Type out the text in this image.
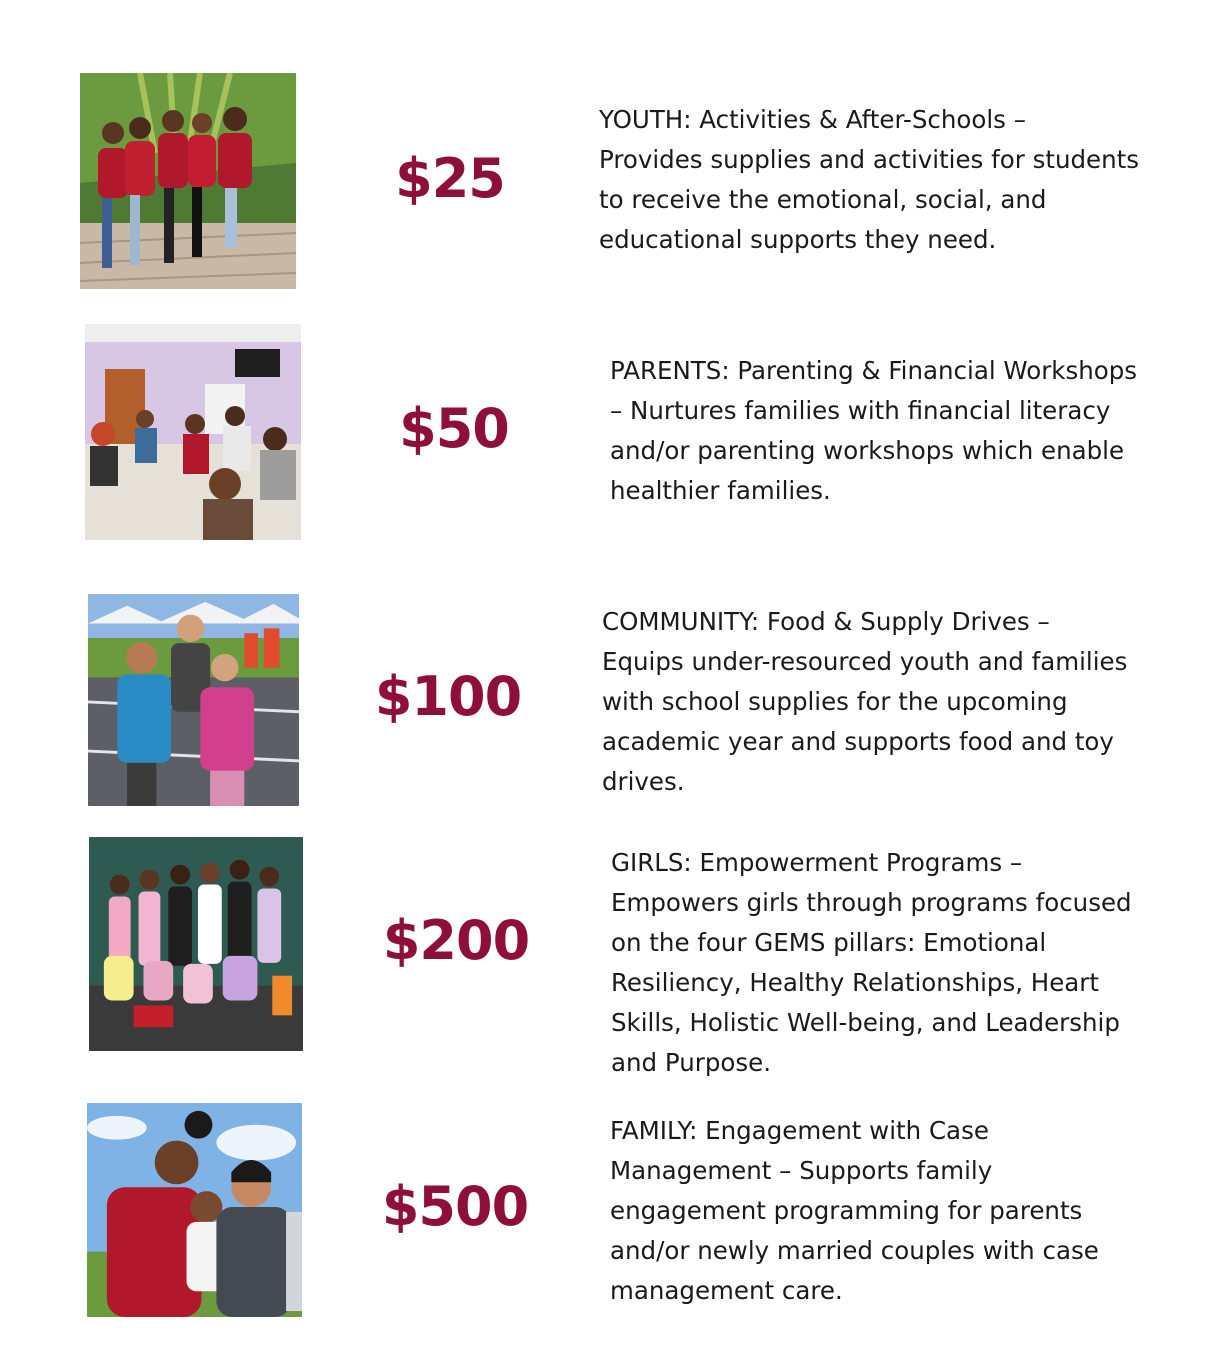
$25

YOUTH: Activities & After-Schools –
Provides supplies and activities for students
to receive the emotional, social, and
educational supports they need.

$50

PARENTS: Parenting & Financial Workshops
– Nurtures families with financial literacy
and/or parenting workshops which enable
healthier families.

$100

COMMUNITY: Food & Supply Drives –
Equips under-resourced youth and families
with school supplies for the upcoming
academic year and supports food and toy
drives.

$200

GIRLS: Empowerment Programs –
Empowers girls through programs focused
on the four GEMS pillars: Emotional
Resiliency, Healthy Relationships, Heart
Skills, Holistic Well-being, and Leadership
and Purpose.

$500

FAMILY: Engagement with Case
Management – Supports family
engagement programming for parents
and/or newly married couples with case
management care.
